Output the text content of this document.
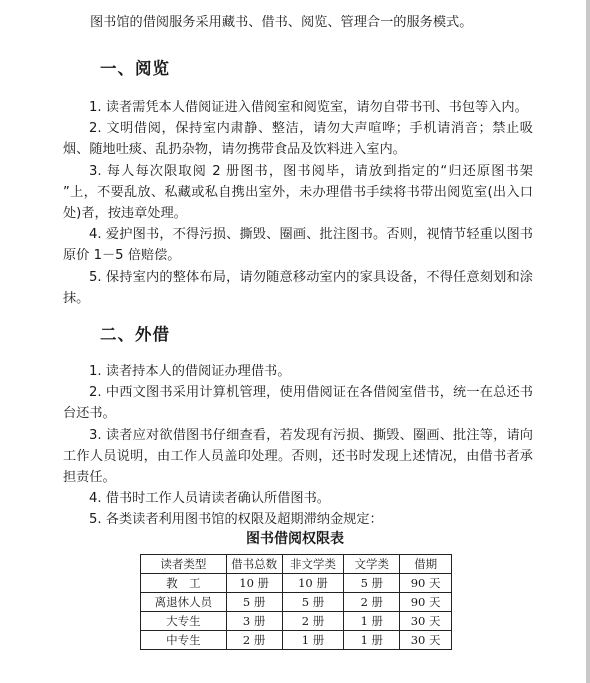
图书馆的借阅服务采用藏书、借书、阅览、管理合一的服务模式。
一、阅览

1. 读者需凭本人借阅证进入借阅室和阅览室，请勿自带书刊、书包等入内。

2. 文明借阅，保持室内肃静、整洁，请勿大声喧哗；手机请消音；禁止吸烟、随地吐痰、乱扔杂物，请勿携带食品及饮料进入室内。

3. 每人每次限取阅 2 册图书，图书阅毕，请放到指定的“归还原图书架 ”上，不要乱放、私藏或私自携出室外，未办理借书手续将书带出阅览室(出入口处)者，按违章处理。

4. 爱护图书，不得污损、撕毁、圈画、批注图书。否则，视情节轻重以图书原价 1－5 倍赔偿。

5. 保持室内的整体布局，请勿随意移动室内的家具设备，不得任意刻划和涂抹。

二、外借

1. 读者持本人的借阅证办理借书。

2. 中西文图书采用计算机管理，使用借阅证在各借阅室借书，统一在总还书台还书。

3. 读者应对欲借图书仔细查看，若发现有污损、撕毁、圈画、批注等，请向工作人员说明，由工作人员盖印处理。否则，还书时发现上述情况，由借书者承担责任。

4. 借书时工作人员请读者确认所借图书。

5. 各类读者利用图书馆的权限及超期滞纳金规定：

图书借阅权限表
读者类型	借书总数	非文学类	文学类	借期
教　工	10 册	10 册	5 册	90 天
离退休人员	5 册	5 册	2 册	90 天
大专生	3 册	2 册	1 册	30 天
中专生	2 册	1 册	1 册	30 天
